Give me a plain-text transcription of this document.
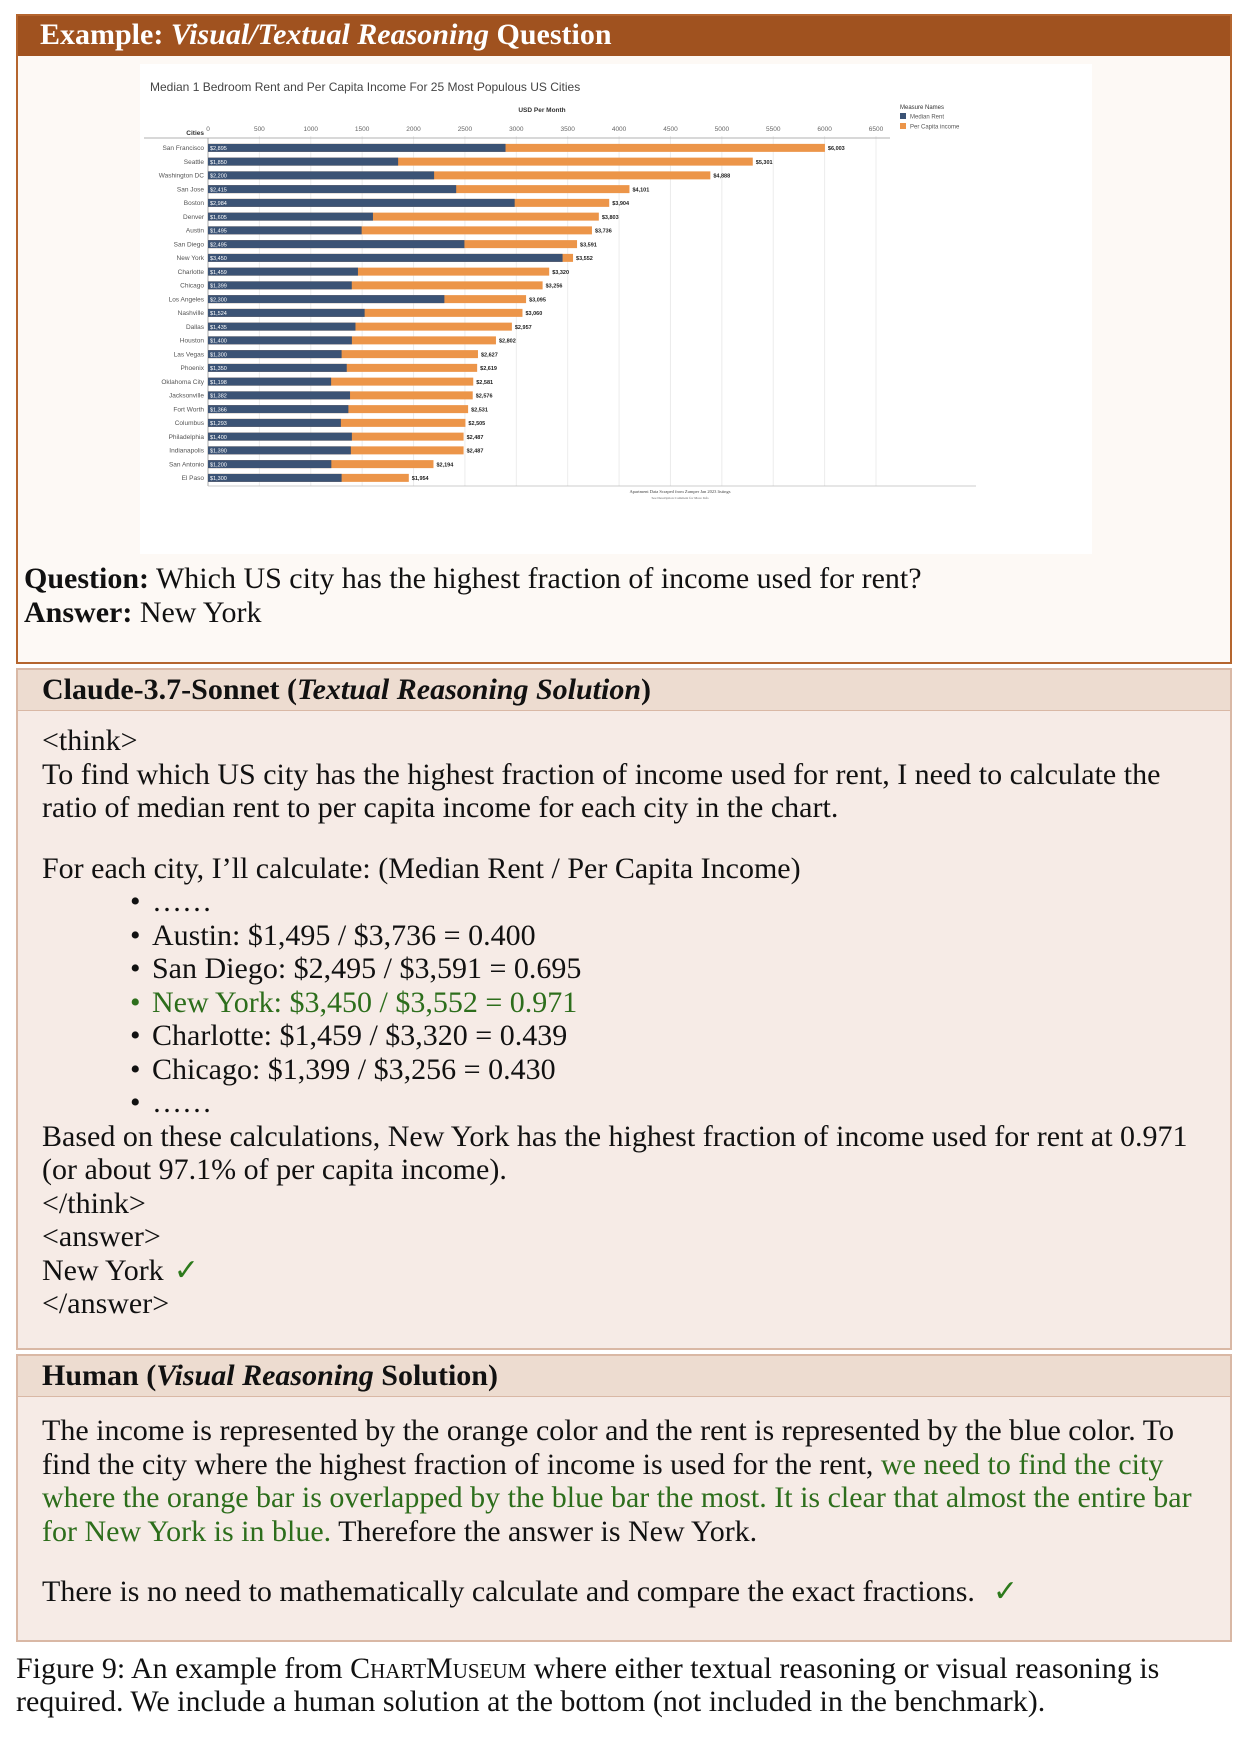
Example: Visual/Textual Reasoning Question
Median 1 Bedroom Rent and Per Capita Income For 25 Most Populous US Cities
USD Per Month
0	500	1000	1500	2000	2500	3000	3500	4000	4500	5000	5500	6000	6500
Cities
San Francisco $2,895	$6,003
Seattle $1,850	$5,301
Washington DC $2,200	$4,888
San Jose $2,415	$4,101
Boston $2,984	$3,904
Denver $1,605	$3,803
Austin $1,495	$3,736
San Diego $2,495	$3,591
New York $3,450	$3,552
Charlotte $1,459	$3,320
Chicago $1,399	$3,256
Los Angeles $2,300	$3,095
Nashville $1,524	$3,060
Dallas $1,435	$2,957
Houston $1,400	$2,802
Las Vegas $1,300	$2,627
Phoenix $1,350	$2,619
Oklahoma City $1,198	$2,581
Jacksonville $1,382	$2,576
Fort Worth $1,366	$2,531
Columbus $1,293	$2,505
Philadelphia $1,400	$2,487
Indianapolis $1,390	$2,487
San Antonio $1,200	$2,194
El Paso $1,300	$1,954
Apartment Data Scraped from Zumper Jan 2023 listings
See Description Comment for More Info
Measure Names
Median Rent
Per Capita income
Question: Which US city has the highest fraction of income used for rent?
Answer: New York
Claude-3.7-Sonnet (Textual Reasoning Solution)
<think>
To find which US city has the highest fraction of income used for rent, I need to calculate the
ratio of median rent to per capita income for each city in the chart.
For each city, I’ll calculate: (Median Rent / Per Capita Income)
• ……
• Austin: $1,495 / $3,736 = 0.400
• San Diego: $2,495 / $3,591 = 0.695
• New York: $3,450 / $3,552 = 0.971
• Charlotte: $1,459 / $3,320 = 0.439
• Chicago: $1,399 / $3,256 = 0.430
• ……
Based on these calculations, New York has the highest fraction of income used for rent at 0.971
(or about 97.1% of per capita income).
</think>
<answer>
New York ✓
</answer>
Human (Visual Reasoning Solution)
The income is represented by the orange color and the rent is represented by the blue color. To
find the city where the highest fraction of income is used for the rent, we need to find the city
where the orange bar is overlapped by the blue bar the most. It is clear that almost the entire bar
for New York is in blue. Therefore the answer is New York.
There is no need to mathematically calculate and compare the exact fractions. ✓
Figure 9: An example from ChartMuseum where either textual reasoning or visual reasoning is
required. We include a human solution at the bottom (not included in the benchmark).
